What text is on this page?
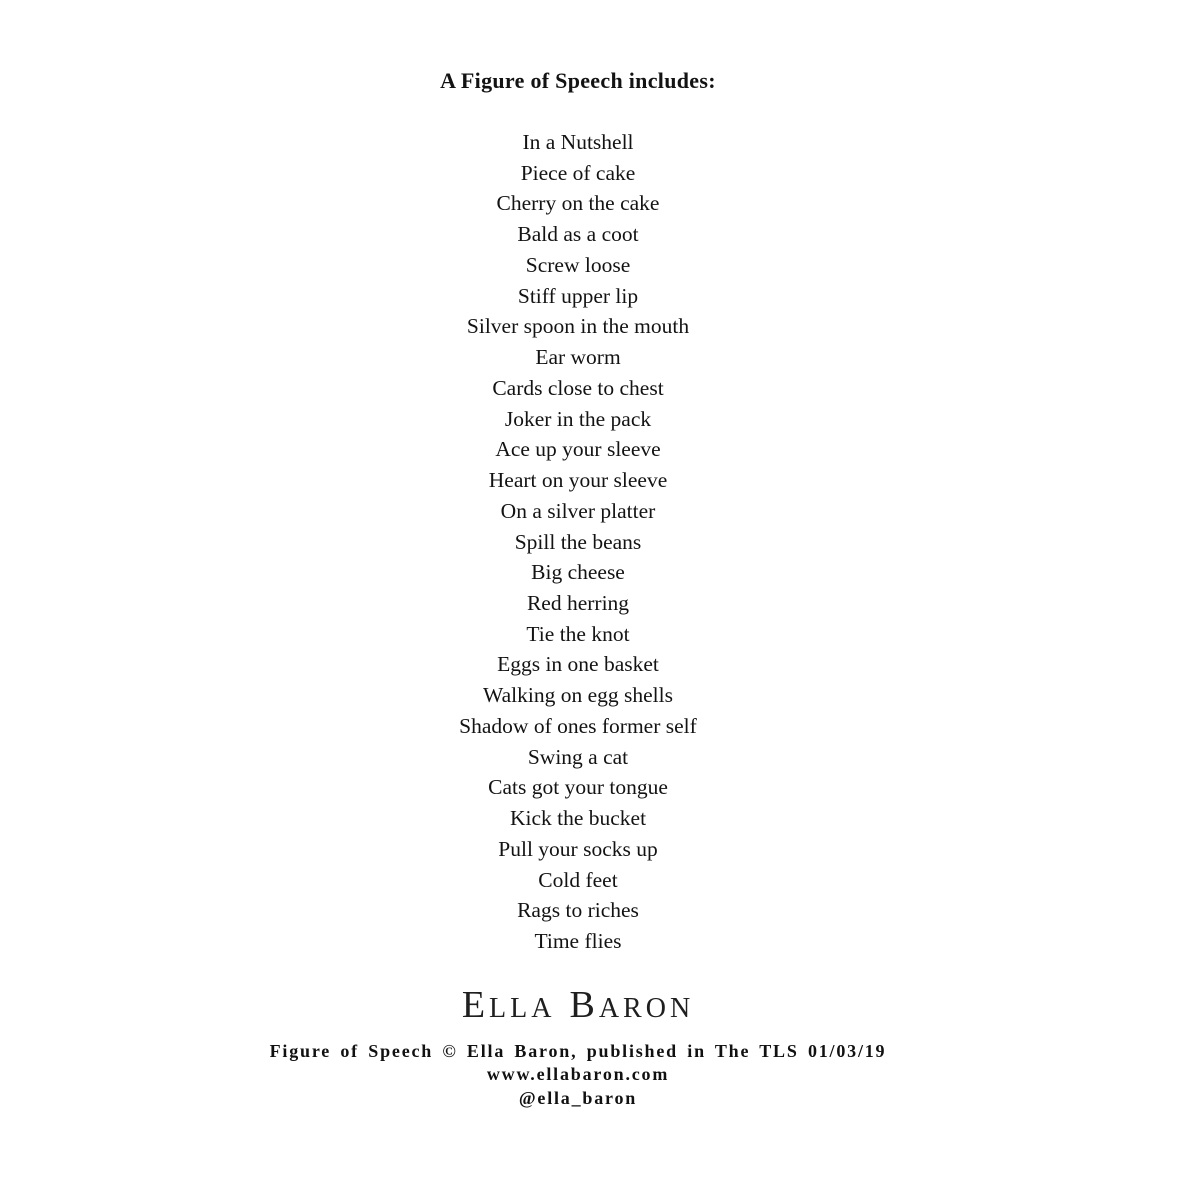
A Figure of Speech includes:
In a Nutshell
Piece of cake
Cherry on the cake
Bald as a coot
Screw loose
Stiff upper lip
Silver spoon in the mouth
Ear worm
Cards close to chest
Joker in the pack
Ace up your sleeve
Heart on your sleeve
On a silver platter
Spill the beans
Big cheese
Red herring
Tie the knot
Eggs in one basket
Walking on egg shells
Shadow of ones former self
Swing a cat
Cats got your tongue
Kick the bucket
Pull your socks up
Cold feet
Rags to riches
Time flies
ELLA BARON
Figure of Speech © Ella Baron, published in The TLS 01/03/19
www.ellabaron.com
@ella_baron
